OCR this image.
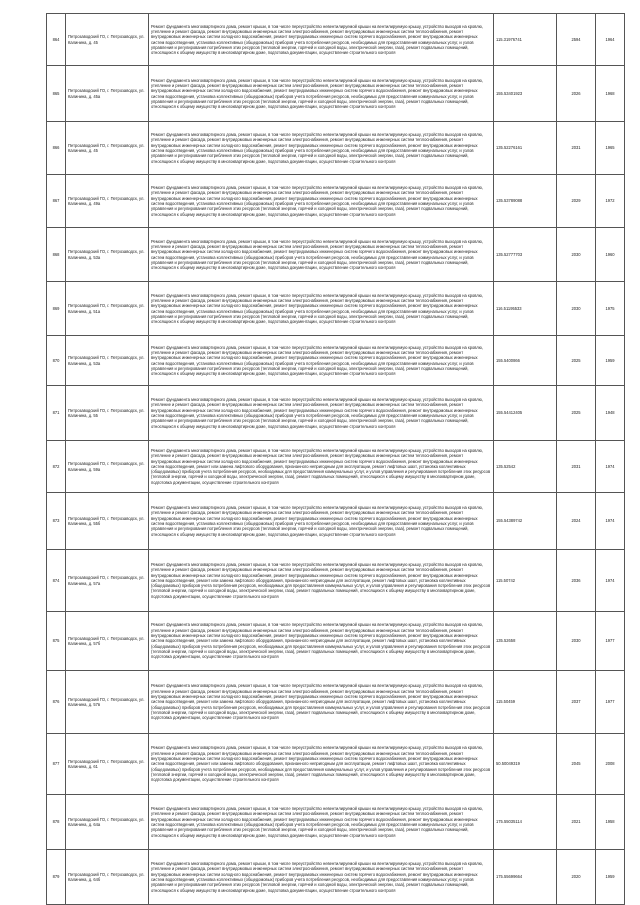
864	Петрозаводский ГО, г. Петрозаводск, ул. Калинина, д. 45	Ремонт фундамента многоквартирного дома, ремонт крыши, в том числе переустройство невентилируемой крыши на вентилируемую крышу, устройство выходов на кровлю, утепление и ремонт фасада, ремонт внутридомовых инженерных систем электроснабжения, ремонт внутридомовых инженерных систем теплоснабжения, ремонт внутридомовых инженерных систем холодного водоснабжения, ремонт внутридомовых инженерных систем горячего водоснабжения, ремонт внутридомовых инженерных систем водоотведения, установка коллективных (общедомовых) приборов учета потребления ресурсов, необходимых для предоставления коммунальных услуг, и узлов управления и регулирования потребления этих ресурсов (тепловой энергии, горячей и холодной воды, электрической энергии, газа), ремонт подвальных помещений, относящихся к общему имуществу в многоквартирном доме, подготовка документации, осуществление строительного контроля	115.31976741	2594	1964
865	Петрозаводский ГО, г. Петрозаводск, ул. Калинина, д. 45а	Ремонт фундамента многоквартирного дома, ремонт крыши, в том числе переустройство невентилируемой крыши на вентилируемую крышу, устройство выходов на кровлю, утепление и ремонт фасада, ремонт внутридомовых инженерных систем электроснабжения, ремонт внутридомовых инженерных систем теплоснабжения, ремонт внутридомовых инженерных систем холодного водоснабжения, ремонт внутридомовых инженерных систем горячего водоснабжения, ремонт внутридомовых инженерных систем водоотведения, установка коллективных (общедомовых) приборов учета потребления ресурсов, необходимых для предоставления коммунальных услуг, и узлов управления и регулирования потребления этих ресурсов (тепловой энергии, горячей и холодной воды, электрической энергии, газа), ремонт подвальных помещений, относящихся к общему имуществу в многоквартирном доме, подготовка документации, осуществление строительного контроля	155.53401923	2026	1968
866	Петрозаводский ГО, г. Петрозаводск, ул. Калинина, д. 45	Ремонт фундамента многоквартирного дома, ремонт крыши, в том числе переустройство невентилируемой крыши на вентилируемую крышу, устройство выходов на кровлю, утепление и ремонт фасада, ремонт внутридомовых инженерных систем электроснабжения, ремонт внутридомовых инженерных систем теплоснабжения, ремонт внутридомовых инженерных систем холодного водоснабжения, ремонт внутридомовых инженерных систем горячего водоснабжения, ремонт внутридомовых инженерных систем водоотведения, установка коллективных (общедомовых) приборов учета потребления ресурсов, необходимых для предоставления коммунальных услуг, и узлов управления и регулирования потребления этих ресурсов (тепловой энергии, горячей и холодной воды, электрической энергии, газа), ремонт подвальных помещений, относящихся к общему имуществу в многоквартирном доме, подготовка документации, осуществление строительного контроля	135.52276161	2031	1965
867	Петрозаводский ГО, г. Петрозаводск, ул. Калинина, д. 49а	Ремонт фундамента многоквартирного дома, ремонт крыши, в том числе переустройство невентилируемой крыши на вентилируемую крышу, устройство выходов на кровлю, утепление и ремонт фасада, ремонт внутридомовых инженерных систем электроснабжения, ремонт внутридомовых инженерных систем теплоснабжения, ремонт внутридомовых инженерных систем холодного водоснабжения, ремонт внутридомовых инженерных систем горячего водоснабжения, ремонт внутридомовых инженерных систем водоотведения, установка коллективных (общедомовых) приборов учета потребления ресурсов, необходимых для предоставления коммунальных услуг, и узлов управления и регулирования потребления этих ресурсов (тепловой энергии, горячей и холодной воды, электрической энергии, газа), ремонт подвальных помещений, относящихся к общему имуществу в многоквартирном доме, подготовка документации, осуществление строительного контроля	135.53789088	2029	1972
868	Петрозаводский ГО, г. Петрозаводск, ул. Калинина, д. 53а	Ремонт фундамента многоквартирного дома, ремонт крыши, в том числе переустройство невентилируемой крыши на вентилируемую крышу, устройство выходов на кровлю, утепление и ремонт фасада, ремонт внутридомовых инженерных систем электроснабжения, ремонт внутридомовых инженерных систем теплоснабжения, ремонт внутридомовых инженерных систем холодного водоснабжения, ремонт внутридомовых инженерных систем горячего водоснабжения, ремонт внутридомовых инженерных систем водоотведения, установка коллективных (общедомовых) приборов учета потребления ресурсов, необходимых для предоставления коммунальных услуг, и узлов управления и регулирования потребления этих ресурсов (тепловой энергии, горячей и холодной воды, электрической энергии, газа), ремонт подвальных помещений, относящихся к общему имуществу в многоквартирном доме, подготовка документации, осуществление строительного контроля	135.52777703	2030	1960
869	Петрозаводский ГО, г. Петрозаводск, ул. Калинина, д. 51а	Ремонт фундамента многоквартирного дома, ремонт крыши, в том числе переустройство невентилируемой крыши на вентилируемую крышу, устройство выходов на кровлю, утепление и ремонт фасада, ремонт внутридомовых инженерных систем электроснабжения, ремонт внутридомовых инженерных систем теплоснабжения, ремонт внутридомовых инженерных систем холодного водоснабжения, ремонт внутридомовых инженерных систем горячего водоснабжения, ремонт внутридомовых инженерных систем водоотведения, установка коллективных (общедомовых) приборов учета потребления ресурсов, необходимых для предоставления коммунальных услуг, и узлов управления и регулирования потребления этих ресурсов (тепловой энергии, горячей и холодной воды, электрической энергии, газа), ремонт подвальных помещений, относящихся к общему имуществу в многоквартирном доме, подготовка документации, осуществление строительного контроля	116.51195533	2030	1975
870	Петрозаводский ГО, г. Петрозаводск, ул. Калинина, д. 53а	Ремонт фундамента многоквартирного дома, ремонт крыши, в том числе переустройство невентилируемой крыши на вентилируемую крышу, устройство выходов на кровлю, утепление и ремонт фасада, ремонт внутридомовых инженерных систем электроснабжения, ремонт внутридомовых инженерных систем теплоснабжения, ремонт внутридомовых инженерных систем холодного водоснабжения, ремонт внутридомовых инженерных систем горячего водоснабжения, ремонт внутридомовых инженерных систем водоотведения, установка коллективных (общедомовых) приборов учета потребления ресурсов, необходимых для предоставления коммунальных услуг, и узлов управления и регулирования потребления этих ресурсов (тепловой энергии, горячей и холодной воды, электрической энергии, газа), ремонт подвальных помещений, относящихся к общему имуществу в многоквартирном доме, подготовка документации, осуществление строительного контроля	155.5400866	2025	1959
871	Петрозаводский ГО, г. Петрозаводск, ул. Калинина, д. 55	Ремонт фундамента многоквартирного дома, ремонт крыши, в том числе переустройство невентилируемой крыши на вентилируемую крышу, устройство выходов на кровлю, утепление и ремонт фасада, ремонт внутридомовых инженерных систем электроснабжения, ремонт внутридомовых инженерных систем теплоснабжения, ремонт внутридомовых инженерных систем холодного водоснабжения, ремонт внутридомовых инженерных систем горячего водоснабжения, ремонт внутридомовых инженерных систем водоотведения, установка коллективных (общедомовых) приборов учета потребления ресурсов, необходимых для предоставления коммунальных услуг, и узлов управления и регулирования потребления этих ресурсов (тепловой энергии, горячей и холодной воды, электрической энергии, газа), ремонт подвальных помещений, относящихся к общему имуществу в многоквартирном доме, подготовка документации, осуществление строительного контроля	155.54412405	2025	1948
872	Петрозаводский ГО, г. Петрозаводск, ул. Калинина, д. 59а	Ремонт фундамента многоквартирного дома, ремонт крыши, в том числе переустройство невентилируемой крыши на вентилируемую крышу, устройство выходов на кровлю, утепление и ремонт фасада, ремонт внутридомовых инженерных систем электроснабжения, ремонт внутридомовых инженерных систем теплоснабжения, ремонт внутридомовых инженерных систем холодного водоснабжения, ремонт внутридомовых инженерных систем горячего водоснабжения, ремонт внутридомовых инженерных систем водоотведения, ремонт или замена лифтового оборудования, признанного непригодным для эксплуатации, ремонт лифтовых шахт, установка коллективных (общедомовых) приборов учета потребления ресурсов, необходимых для предоставления коммунальных услуг, и узлов управления и регулирования потребления этих ресурсов (тепловой энергии, горячей и холодной воды, электрической энергии, газа), ремонт подвальных помещений, относящихся к общему имуществу в многоквартирном доме, подготовка документации, осуществление строительного контроля	135.52542	2031	1974
873	Петрозаводский ГО, г. Петрозаводск, ул. Калинина, д. 55б	Ремонт фундамента многоквартирного дома, ремонт крыши, в том числе переустройство невентилируемой крыши на вентилируемую крышу, устройство выходов на кровлю, утепление и ремонт фасада, ремонт внутридомовых инженерных систем электроснабжения, ремонт внутридомовых инженерных систем теплоснабжения, ремонт внутридомовых инженерных систем холодного водоснабжения, ремонт внутридомовых инженерных систем горячего водоснабжения, ремонт внутридомовых инженерных систем водоотведения, установка коллективных (общедомовых) приборов учета потребления ресурсов, необходимых для предоставления коммунальных услуг, и узлов управления и регулирования потребления этих ресурсов (тепловой энергии, горячей и холодной воды, электрической энергии, газа), ремонт подвальных помещений, относящихся к общему имуществу в многоквартирном доме, подготовка документации, осуществление строительного контроля	155.54389742	2024	1974
874	Петрозаводский ГО, г. Петрозаводск, ул. Калинина, д. 57а	Ремонт фундамента многоквартирного дома, ремонт крыши, в том числе переустройство невентилируемой крыши на вентилируемую крышу, устройство выходов на кровлю, утепление и ремонт фасада, ремонт внутридомовых инженерных систем электроснабжения, ремонт внутридомовых инженерных систем теплоснабжения, ремонт внутридомовых инженерных систем холодного водоснабжения, ремонт внутридомовых инженерных систем горячего водоснабжения, ремонт внутридомовых инженерных систем водоотведения, ремонт или замена лифтового оборудования, признанного непригодным для эксплуатации, ремонт лифтовых шахт, установка коллективных (общедомовых) приборов учета потребления ресурсов, необходимых для предоставления коммунальных услуг, и узлов управления и регулирования потребления этих ресурсов (тепловой энергии, горячей и холодной воды, электрической энергии, газа), ремонт подвальных помещений, относящихся к общему имуществу в многоквартирном доме, подготовка документации, осуществление строительного контроля	115.50742	2036	1974
875	Петрозаводский ГО, г. Петрозаводск, ул. Калинина, д. 57б	Ремонт фундамента многоквартирного дома, ремонт крыши, в том числе переустройство невентилируемой крыши на вентилируемую крышу, устройство выходов на кровлю, утепление и ремонт фасада, ремонт внутридомовых инженерных систем электроснабжения, ремонт внутридомовых инженерных систем теплоснабжения, ремонт внутридомовых инженерных систем холодного водоснабжения, ремонт внутридомовых инженерных систем горячего водоснабжения, ремонт внутридомовых инженерных систем водоотведения, ремонт или замена лифтового оборудования, признанного непригодным для эксплуатации, ремонт лифтовых шахт, установка коллективных (общедомовых) приборов учета потребления ресурсов, необходимых для предоставления коммунальных услуг, и узлов управления и регулирования потребления этих ресурсов (тепловой энергии, горячей и холодной воды, электрической энергии, газа), ремонт подвальных помещений, относящихся к общему имуществу в многоквартирном доме, подготовка документации, осуществление строительного контроля	135.52658	2030	1977
876	Петрозаводский ГО, г. Петрозаводск, ул. Калинина, д. 57в	Ремонт фундамента многоквартирного дома, ремонт крыши, в том числе переустройство невентилируемой крыши на вентилируемую крышу, устройство выходов на кровлю, утепление и ремонт фасада, ремонт внутридомовых инженерных систем электроснабжения, ремонт внутридомовых инженерных систем теплоснабжения, ремонт внутридомовых инженерных систем холодного водоснабжения, ремонт внутридомовых инженерных систем горячего водоснабжения, ремонт внутридомовых инженерных систем водоотведения, ремонт или замена лифтового оборудования, признанного непригодным для эксплуатации, ремонт лифтовых шахт, установка коллективных (общедомовых) приборов учета потребления ресурсов, необходимых для предоставления коммунальных услуг, и узлов управления и регулирования потребления этих ресурсов (тепловой энергии, горячей и холодной воды, электрической энергии, газа), ремонт подвальных помещений, относящихся к общему имуществу в многоквартирном доме, подготовка документации, осуществление строительного контроля	115.50459	2037	1977
877	Петрозаводский ГО, г. Петрозаводск, ул. Калинина, д. 61	Ремонт фундамента многоквартирного дома, ремонт крыши, в том числе переустройство невентилируемой крыши на вентилируемую крышу, устройство выходов на кровлю, утепление и ремонт фасада, ремонт внутридомовых инженерных систем электроснабжения, ремонт внутридомовых инженерных систем теплоснабжения, ремонт внутридомовых инженерных систем холодного водоснабжения, ремонт внутридомовых инженерных систем горячего водоснабжения, ремонт внутридомовых инженерных систем водоотведения, ремонт или замена лифтового оборудования, признанного непригодным для эксплуатации, ремонт лифтовых шахт, установка коллективных (общедомовых) приборов учета потребления ресурсов, необходимых для предоставления коммунальных услуг, и узлов управления и регулирования потребления этих ресурсов (тепловой энергии, горячей и холодной воды, электрической энергии, газа), ремонт подвальных помещений, относящихся к общему имуществу в многоквартирном доме, подготовка документации, осуществление строительного контроля	50.50049319	2045	2008
878	Петрозаводский ГО, г. Петрозаводск, ул. Калинина, д. 64а	Ремонт фундамента многоквартирного дома, ремонт крыши, в том числе переустройство невентилируемой крыши на вентилируемую крышу, устройство выходов на кровлю, утепление и ремонт фасада, ремонт внутридомовых инженерных систем электроснабжения, ремонт внутридомовых инженерных систем теплоснабжения, ремонт внутридомовых инженерных систем холодного водоснабжения, ремонт внутридомовых инженерных систем горячего водоснабжения, ремонт внутридомовых инженерных систем водоотведения, установка коллективных (общедомовых) приборов учета потребления ресурсов, необходимых для предоставления коммунальных услуг, и узлов управления и регулирования потребления этих ресурсов (тепловой энергии, горячей и холодной воды, электрической энергии, газа), ремонт подвальных помещений, относящихся к общему имуществу в многоквартирном доме, подготовка документации, осуществление строительного контроля	175.55035114	2021	1958
879	Петрозаводский ГО, г. Петрозаводск, ул. Калинина, д. 64б	Ремонт фундамента многоквартирного дома, ремонт крыши, в том числе переустройство невентилируемой крыши на вентилируемую крышу, устройство выходов на кровлю, утепление и ремонт фасада, ремонт внутридомовых инженерных систем электроснабжения, ремонт внутридомовых инженерных систем теплоснабжения, ремонт внутридомовых инженерных систем холодного водоснабжения, ремонт внутридомовых инженерных систем горячего водоснабжения, ремонт внутридомовых инженерных систем водоотведения, установка коллективных (общедомовых) приборов учета потребления ресурсов, необходимых для предоставления коммунальных услуг, и узлов управления и регулирования потребления этих ресурсов (тепловой энергии, горячей и холодной воды, электрической энергии, газа), ремонт подвальных помещений, относящихся к общему имуществу в многоквартирном доме, подготовка документации, осуществление строительного контроля	175.55699664	2020	1959
